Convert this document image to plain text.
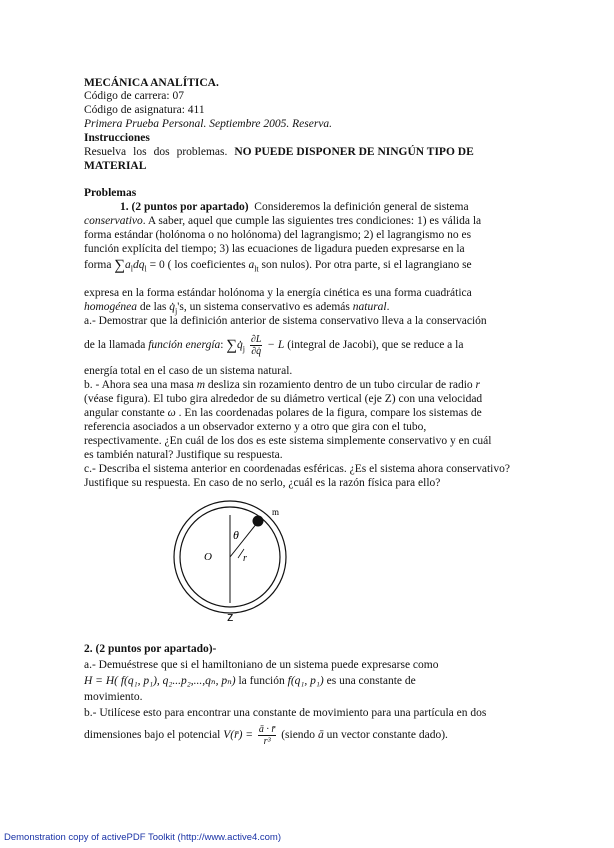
MECÁNICA ANALÍTICA.
Código de carrera: 07
Código de asignatura: 411
Primera Prueba Personal. Septiembre 2005. Reserva.
Instrucciones
Resuelva los dos problemas. NO PUEDE DISPONER DE NINGÚN TIPO DE
MATERIAL
Problemas
1. (2 puntos por apartado) Consideremos la definición general de sistema
conservativo. A saber, aquel que cumple las siguientes tres condiciones: 1) es válida la
forma estándar (holónoma o no holónoma) del lagrangismo; 2) el lagrangismo no es
función explícita del tiempo; 3) las ecuaciones de ligadura pueden expresarse en la
forma $\sum a_ldq_l = 0$ ( los coeficientes $a_{lt}$ son nulos). Por otra parte, si el lagrangiano se
expresa en la forma estándar holónoma y la energía cinética es una forma cuadrática
homogénea de las $q̇_j's$, un sistema conservativo es además natural.
a.- Demostrar que la definición anterior de sistema conservativo lleva a la conservación
de la llamada función energía: $\sum q̇_j \frac{\partial L}{\partial q̇} - L$ (integral de Jacobi), que se reduce a la
energía total en el caso de un sistema natural.
b. - Ahora sea una masa m desliza sin rozamiento dentro de un tubo circular de radio r
(véase figura). El tubo gira alrededor de su diámetro vertical (eje Z) con una velocidad
angular constante ω . En las coordenadas polares de la figura, compare los sistemas de
referencia asociados a un observador externo y a otro que gira con el tubo,
respectivamente. ¿En cuál de los dos es este sistema simplemente conservativo y en cuál
es también natural? Justifique su respuesta.
c.- Describa el sistema anterior en coordenadas esféricas. ¿Es el sistema ahora conservativo?
Justifique su respuesta. En caso de no serlo, ¿cuál es la razón física para ello?
m
θ
O	r
z
2. (2 puntos por apartado)-
a.- Demuéstrese que si el hamiltoniano de un sistema puede expresarse como
H = H( f(q₁, p₁), q₂...p₂,...,qₙ, pₙ) la función f(q₁, p₁) es una constante de
movimiento.
b.- Utilícese esto para encontrar una constante de movimiento para una partícula en dos
dimensiones bajo el potencial V(r̄) = $\frac{ā \cdot r̄}{\text{r³}}$ (siendo ā un vector constante dado).
Demonstration copy of activePDF Toolkit (http://www.active4.com)
